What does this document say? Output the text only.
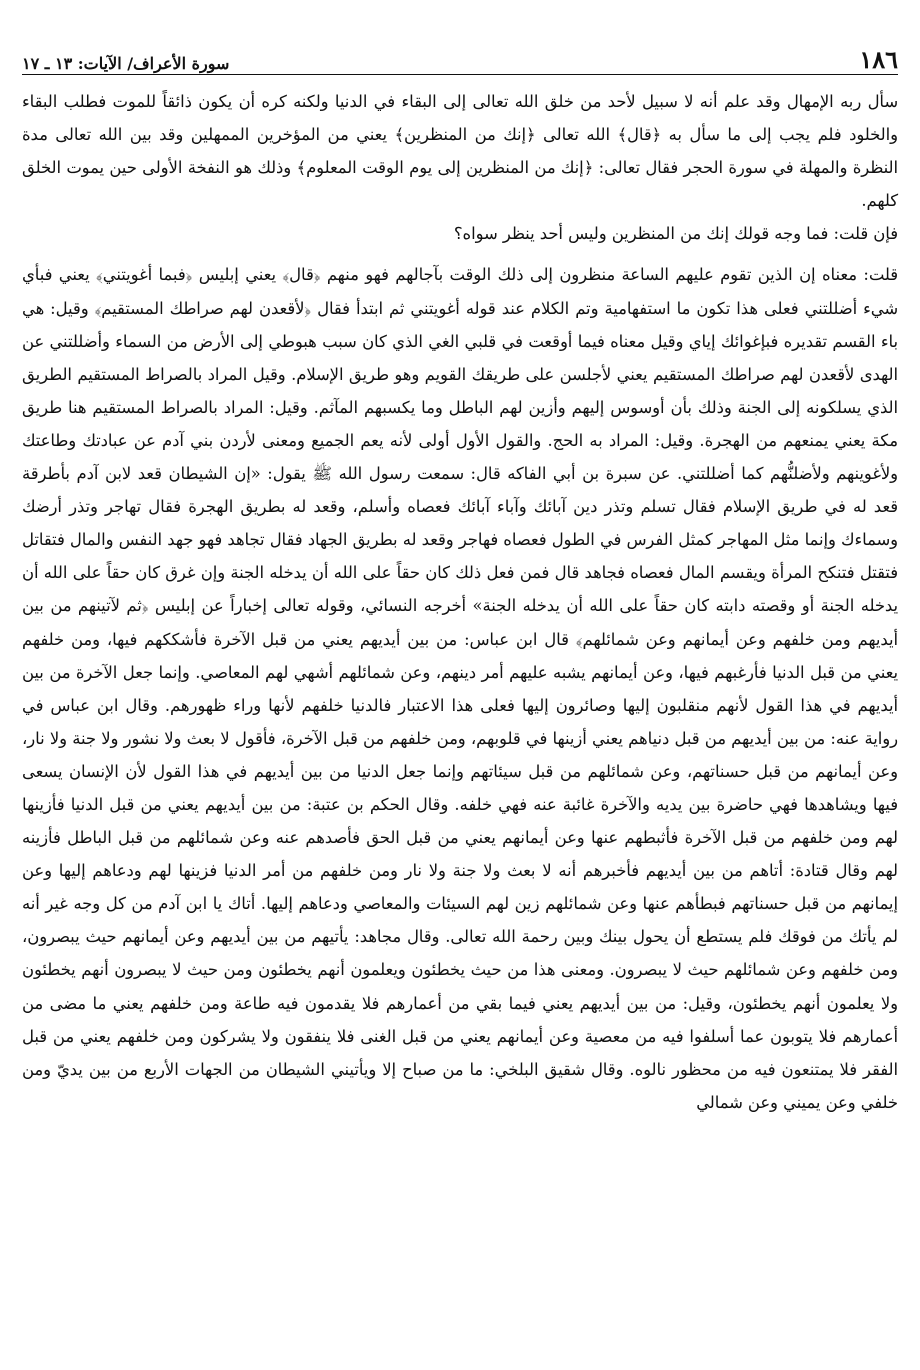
١٨٦
سورة الأعراف/ الآيات: ١٣ ـ ١٧

سأل ربه الإمهال وقد علم أنه لا سبيل لأحد من خلق الله تعالى إلى البقاء في الدنيا ولكنه كره أن يكون ذائقاً للموت فطلب البقاء والخلود فلم يجب إلى ما سأل به ﴿قال﴾ الله تعالى ﴿إنك من المنظرين﴾ يعني من المؤخرين الممهلين وقد بين الله تعالى مدة النظرة والمهلة في سورة الحجر فقال تعالى: ﴿إنك من المنظرين إلى يوم الوقت المعلوم﴾ وذلك هو النفخة الأولى حين يموت الخلق كلهم.

فإن قلت: فما وجه قولك إنك من المنظرين وليس أحد ينظر سواه؟

قلت: معناه إن الذين تقوم عليهم الساعة منظرون إلى ذلك الوقت بآجالهم فهو منهم ﴿قال﴾ يعني إبليس ﴿فبما أغويتني﴾ يعني فبأي شيء أضللتني فعلى هذا تكون ما استفهامية وتم الكلام عند قوله أغويتني ثم ابتدأ فقال ﴿لأقعدن لهم صراطك المستقيم﴾ وقيل: هي باء القسم تقديره فبإغوائك إياي وقيل معناه فيما أوقعت في قلبي الغي الذي كان سبب هبوطي إلى الأرض من السماء وأضللتني عن الهدى لأقعدن لهم صراطك المستقيم يعني لأجلسن على طريقك القويم وهو طريق الإسلام. وقيل المراد بالصراط المستقيم الطريق الذي يسلكونه إلى الجنة وذلك بأن أوسوس إليهم وأزين لهم الباطل وما يكسبهم المآثم. وقيل: المراد بالصراط المستقيم هنا طريق مكة يعني يمنعهم من الهجرة. وقيل: المراد به الحج. والقول الأول أولى لأنه يعم الجميع ومعنى لأردن بني آدم عن عبادتك وطاعتك ولأغوينهم ولأضلنُّهم كما أضللتني. عن سبرة بن أبي الفاكه قال: سمعت رسول الله ﷺ يقول: «إن الشيطان قعد لابن آدم بأطرقة قعد له في طريق الإسلام فقال تسلم وتذر دين آبائك وآباء آبائك فعصاه وأسلم، وقعد له بطريق الهجرة فقال تهاجر وتذر أرضك وسماءك وإنما مثل المهاجر كمثل الفرس في الطول فعصاه فهاجر وقعد له بطريق الجهاد فقال تجاهد فهو جهد النفس والمال فتقاتل فتقتل فتنكح المرأة ويقسم المال فعصاه فجاهد قال فمن فعل ذلك كان حقاً على الله أن يدخله الجنة وإن غرق كان حقاً على الله أن يدخله الجنة أو وقصته دابته كان حقاً على الله أن يدخله الجنة» أخرجه النسائي، وقوله تعالى إخباراً عن إبليس ﴿ثم لآتينهم من بين أيديهم ومن خلفهم وعن أيمانهم وعن شمائلهم﴾ قال ابن عباس: من بين أيديهم يعني من قبل الآخرة فأشككهم فيها، ومن خلفهم يعني من قبل الدنيا فأرغبهم فيها، وعن أيمانهم يشبه عليهم أمر دينهم، وعن شمائلهم أشهي لهم المعاصي. وإنما جعل الآخرة من بين أيديهم في هذا القول لأنهم منقلبون إليها وصائرون إليها فعلى هذا الاعتبار فالدنيا خلفهم لأنها وراء ظهورهم. وقال ابن عباس في رواية عنه: من بين أيديهم من قبل دنياهم يعني أزينها في قلوبهم، ومن خلفهم من قبل الآخرة، فأقول لا بعث ولا نشور ولا جنة ولا نار، وعن أيمانهم من قبل حسناتهم، وعن شمائلهم من قبل سيئاتهم وإنما جعل الدنيا من بين أيديهم في هذا القول لأن الإنسان يسعى فيها ويشاهدها فهي حاضرة بين يديه والآخرة غائبة عنه فهي خلفه. وقال الحكم بن عتبة: من بين أيديهم يعني من قبل الدنيا فأزينها لهم ومن خلفهم من قبل الآخرة فأثبطهم عنها وعن أيمانهم يعني من قبل الحق فأصدهم عنه وعن شمائلهم من قبل الباطل فأزينه لهم وقال قتادة: أتاهم من بين أيديهم فأخبرهم أنه لا بعث ولا جنة ولا نار ومن خلفهم من أمر الدنيا فزينها لهم ودعاهم إليها وعن إيمانهم من قبل حسناتهم فبطأهم عنها وعن شمائلهم زين لهم السيئات والمعاصي ودعاهم إليها. أتاك يا ابن آدم من كل وجه غير أنه لم يأتك من فوقك فلم يستطع أن يحول بينك وبين رحمة الله تعالى. وقال مجاهد: يأتيهم من بين أيديهم وعن أيمانهم حيث يبصرون، ومن خلفهم وعن شمائلهم حيث لا يبصرون. ومعنى هذا من حيث يخطئون ويعلمون أنهم يخطئون ومن حيث لا يبصرون أنهم يخطئون ولا يعلمون أنهم يخطئون، وقيل: من بين أيديهم يعني فيما بقي من أعمارهم فلا يقدمون فيه طاعة ومن خلفهم يعني ما مضى من أعمارهم فلا يتوبون عما أسلفوا فيه من معصية وعن أيمانهم يعني من قبل الغنى فلا ينفقون ولا يشركون ومن خلفهم يعني من قبل الفقر فلا يمتنعون فيه من محظور نالوه. وقال شقيق البلخي: ما من صباح إلا ويأتيني الشيطان من الجهات الأربع من بين يديّ ومن خلفي وعن يميني وعن شمالي
